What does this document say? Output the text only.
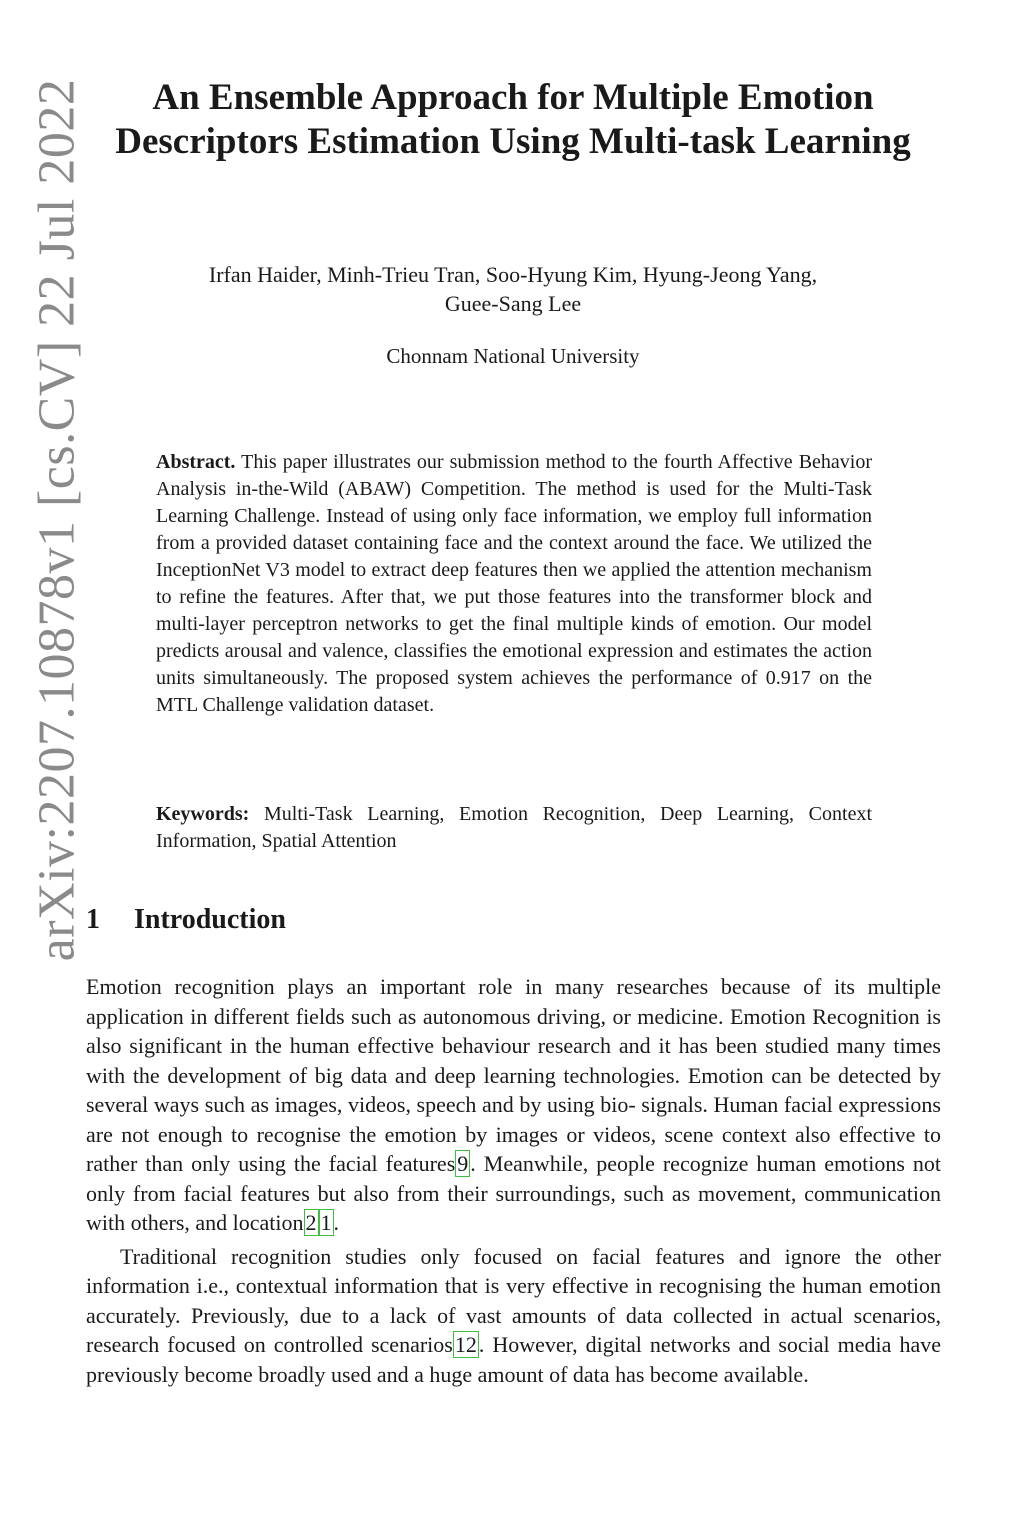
arXiv:2207.10878v1 [cs.CV] 22 Jul 2022	An Ensemble Approach for Multiple Emotion Descriptors Estimation Using Multi-task Learning
Irfan Haider, Minh-Trieu Tran, Soo-Hyung Kim, Hyung-Jeong Yang,
Guee-Sang Lee
Chonnam National University
Abstract. This paper illustrates our submission method to the fourth Affective Behavior Analysis in-the-Wild (ABAW) Competition. The method is used for the Multi-Task Learning Challenge. Instead of using only face information, we employ full information from a provided dataset containing face and the context around the face. We utilized the InceptionNet V3 model to extract deep features then we applied the attention mechanism to refine the features. After that, we put those features into the transformer block and multi-layer perceptron networks to get the final multiple kinds of emotion. Our model predicts arousal and valence, classifies the emotional expression and estimates the action units simultaneously. The proposed system achieves the performance of 0.917 on the MTL Challenge validation dataset.
Keywords: Multi-Task Learning, Emotion Recognition, Deep Learning, Context Information, Spatial Attention
1 Introduction

Emotion recognition plays an important role in many researches because of its multiple application in different fields such as autonomous driving, or medicine. Emotion Recognition is also significant in the human effective behaviour research and it has been studied many times with the development of big data and deep learning technologies. Emotion can be detected by several ways such as images, videos, speech and by using bio- signals. Human facial expressions are not enough to recognise the emotion by images or videos, scene context also effective to rather than only using the facial features9. Meanwhile, people recognize human emotions not only from facial features but also from their surroundings, such as movement, communication with others, and location2 1.

Traditional recognition studies only focused on facial features and ignore the other information i.e., contextual information that is very effective in recognising the human emotion accurately. Previously, due to a lack of vast amounts of data collected in actual scenarios, research focused on controlled scenarios12. However, digital networks and social media have previously become broadly used and a huge amount of data has become available.
